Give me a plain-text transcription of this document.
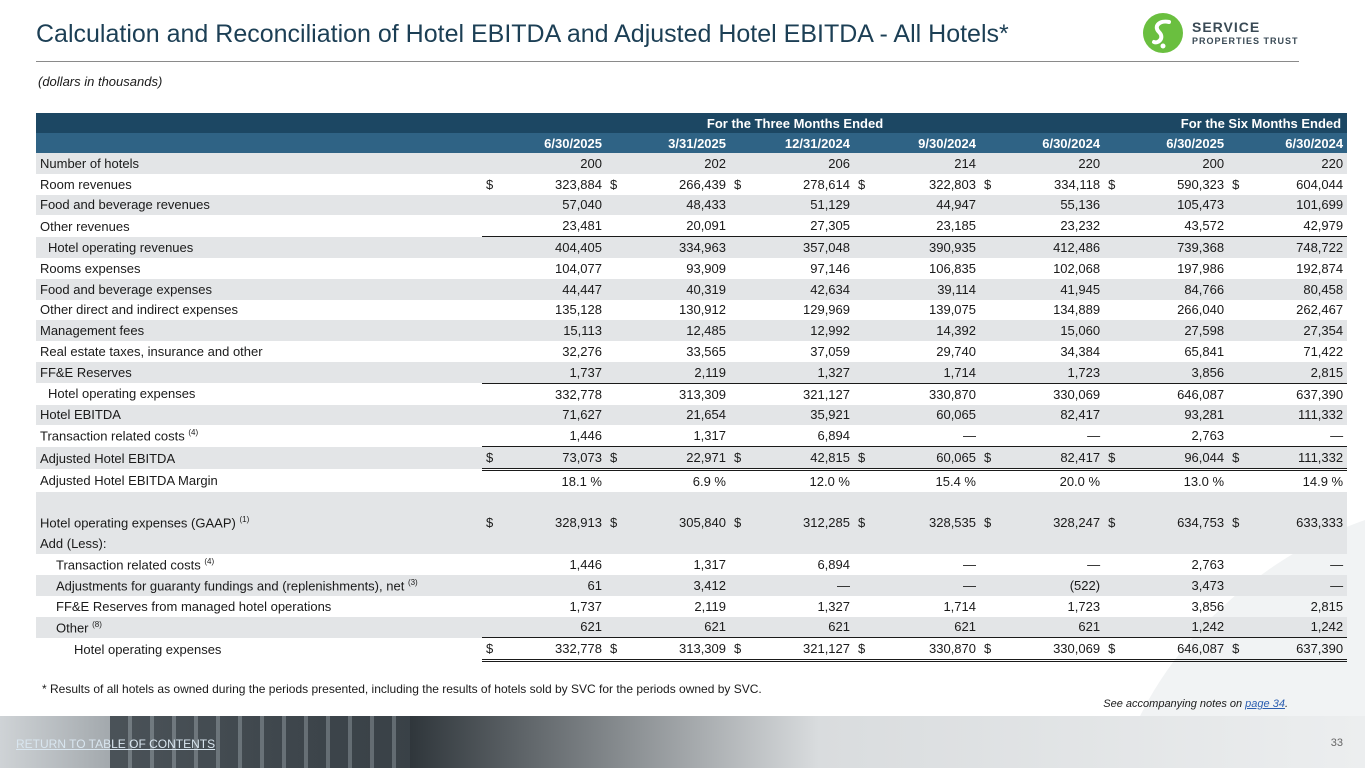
Calculation and Reconciliation of Hotel EBITDA and Adjusted Hotel EBITDA - All Hotels*	SERVICE
PROPERTIES TRUST
(dollars in thousands)
	For the Three Months Ended										For the Six Months Ended			
	6/30/2025		3/31/2025		12/31/2024		9/30/2024		6/30/2024		6/30/2025		6/30/2024	
Number of hotels		200		202		206		214		220		200		220
Room revenues	$	323,884	$	266,439	$	278,614	$	322,803	$	334,118	$	590,323	$	604,044
Food and beverage revenues		57,040		48,433		51,129		44,947		55,136		105,473		101,699
Other revenues		23,481		20,091		27,305		23,185		23,232		43,572		42,979
Hotel operating revenues		404,405		334,963		357,048		390,935		412,486		739,368		748,722
Rooms expenses		104,077		93,909		97,146		106,835		102,068		197,986		192,874
Food and beverage expenses		44,447		40,319		42,634		39,114		41,945		84,766		80,458
Other direct and indirect expenses		135,128		130,912		129,969		139,075		134,889		266,040		262,467
Management fees		15,113		12,485		12,992		14,392		15,060		27,598		27,354
Real estate taxes, insurance and other		32,276		33,565		37,059		29,740		34,384		65,841		71,422
FF&E Reserves		1,737		2,119		1,327		1,714		1,723		3,856		2,815
Hotel operating expenses		332,778		313,309		321,127		330,870		330,069		646,087		637,390
Hotel EBITDA		71,627		21,654		35,921		60,065		82,417		93,281		111,332
Transaction related costs $^{(4)}$		1,446		1,317		6,894		—		—		2,763		—
Adjusted Hotel EBITDA	$	73,073	$	22,971	$	42,815	$	60,065	$	82,417	$	96,044	$	111,332
Adjusted Hotel EBITDA Margin		18.1 %		6.9 %		12.0 %		15.4 %		20.0 %		13.0 %		14.9 %

Hotel operating expenses (GAAP) $^{(1)}$	$	328,913	$	305,840	$	312,285	$	328,535	$	328,247	$	634,753	$	633,333
Add (Less):														
Transaction related costs $^{(4)}$		1,446		1,317		6,894		—		—		2,763		—
Adjustments for guaranty fundings and (replenishments), net $^{(3)}$		61		3,412		—		—		(522)		3,473		—
FF&E Reserves from managed hotel operations		1,737		2,119		1,327		1,714		1,723		3,856		2,815
Other $^{(8)}$		621		621		621		621		621		1,242		1,242
Hotel operating expenses	$	332,778	$	313,309	$	321,127	$	330,870	$	330,069	$	646,087	$	637,390
* Results of all hotels as owned during the periods presented, including the results of hotels sold by SVC for the periods owned by SVC.
See accompanying notes on page 34.
RETURN TO TABLE OF CONTENTS	33
